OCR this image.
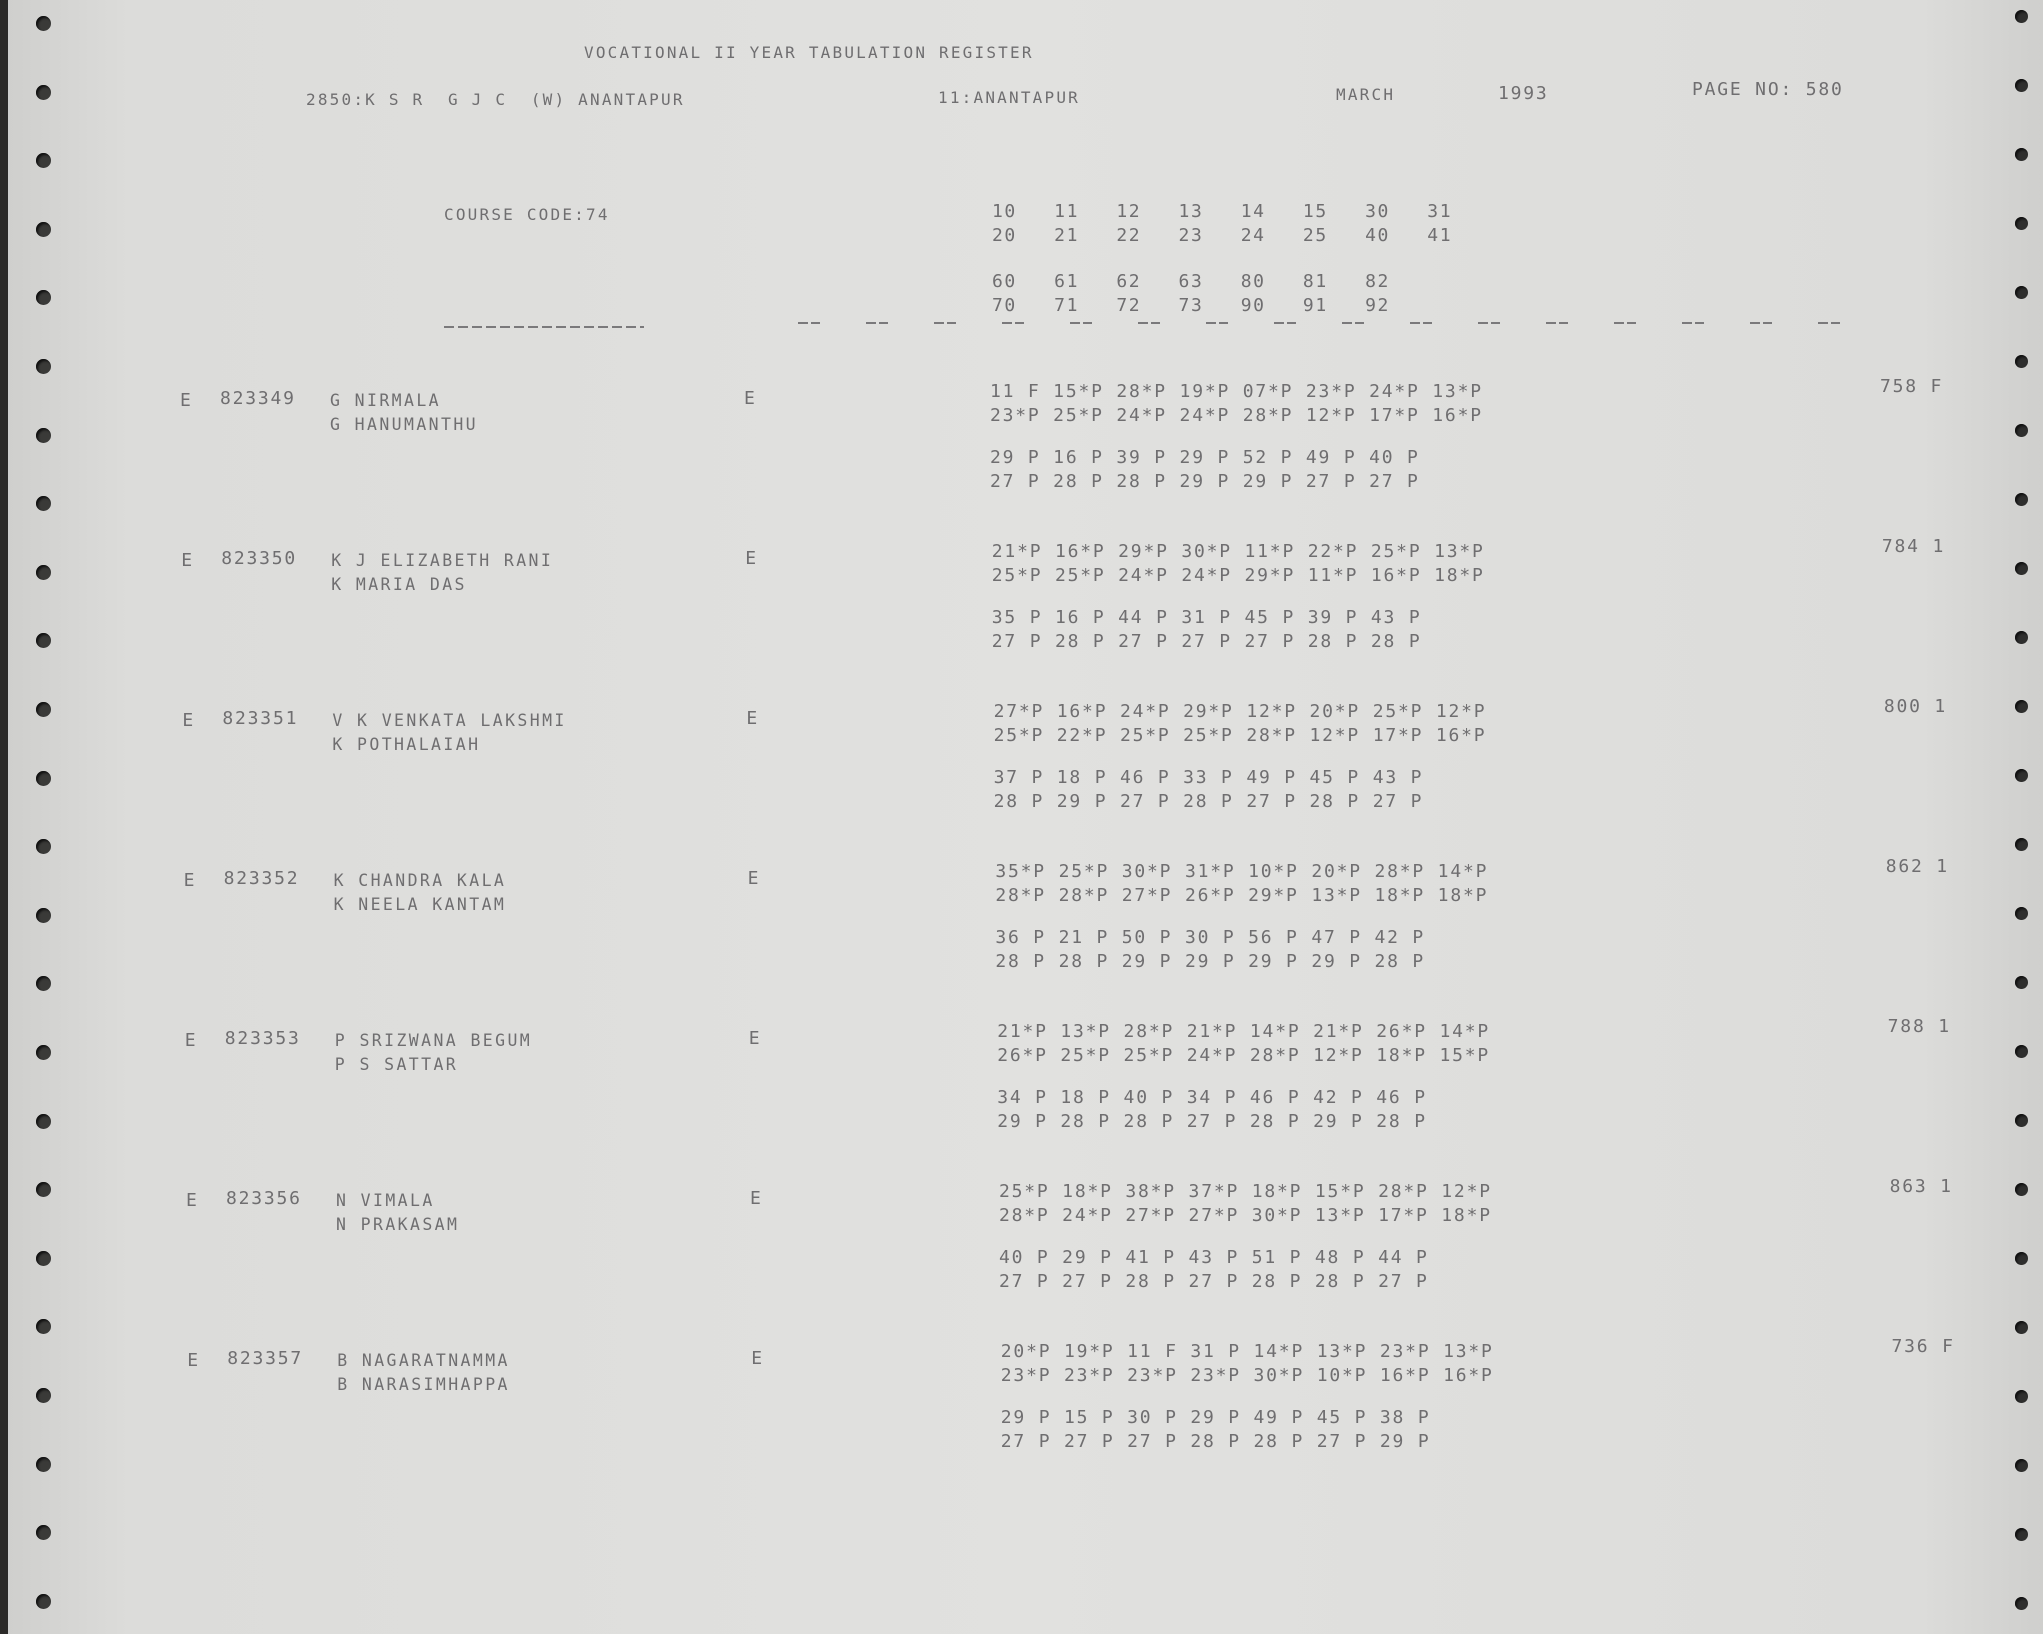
VOCATIONAL II YEAR TABULATION REGISTER
2850:K S R  G J C  (W) ANANTAPUR	11:ANANTAPUR	MARCH	1993	PAGE NO: 580
COURSE CODE:74	10   11   12   13   14   15   30   31
20   21   22   23   24   25   40   41
60   61   62   63   80   81   82
70   71   72   73   90   91   92
E 823349 G NIRMALA
G HANUMANTHU
E	11 F 15*P 28*P 19*P 07*P 23*P 24*P 13*P
23*P 25*P 24*P 24*P 28*P 12*P 17*P 16*P
29 P 16 P 39 P 29 P 52 P 49 P 40 P
27 P 28 P 28 P 29 P 29 P 27 P 27 P
758 F
E 823350 K J ELIZABETH RANI
K MARIA DAS
E	21*P 16*P 29*P 30*P 11*P 22*P 25*P 13*P
25*P 25*P 24*P 24*P 29*P 11*P 16*P 18*P
35 P 16 P 44 P 31 P 45 P 39 P 43 P
27 P 28 P 27 P 27 P 27 P 28 P 28 P
784 1
E 823351 V K VENKATA LAKSHMI
K POTHALAIAH
E	27*P 16*P 24*P 29*P 12*P 20*P 25*P 12*P
25*P 22*P 25*P 25*P 28*P 12*P 17*P 16*P
37 P 18 P 46 P 33 P 49 P 45 P 43 P
28 P 29 P 27 P 28 P 27 P 28 P 27 P
800 1
E 823352 K CHANDRA KALA
K NEELA KANTAM
E	35*P 25*P 30*P 31*P 10*P 20*P 28*P 14*P
28*P 28*P 27*P 26*P 29*P 13*P 18*P 18*P
36 P 21 P 50 P 30 P 56 P 47 P 42 P
28 P 28 P 29 P 29 P 29 P 29 P 28 P
862 1
E 823353 P SRIZWANA BEGUM
P S SATTAR
E	21*P 13*P 28*P 21*P 14*P 21*P 26*P 14*P
26*P 25*P 25*P 24*P 28*P 12*P 18*P 15*P
34 P 18 P 40 P 34 P 46 P 42 P 46 P
29 P 28 P 28 P 27 P 28 P 29 P 28 P
788 1
E 823356 N VIMALA
N PRAKASAM
E	25*P 18*P 38*P 37*P 18*P 15*P 28*P 12*P
28*P 24*P 27*P 27*P 30*P 13*P 17*P 18*P
40 P 29 P 41 P 43 P 51 P 48 P 44 P
27 P 27 P 28 P 27 P 28 P 28 P 27 P
863 1
E 823357 B NAGARATNAMMA
B NARASIMHAPPA
E	20*P 19*P 11 F 31 P 14*P 13*P 23*P 13*P
23*P 23*P 23*P 23*P 30*P 10*P 16*P 16*P
29 P 15 P 30 P 29 P 49 P 45 P 38 P
27 P 27 P 27 P 28 P 28 P 27 P 29 P
736 F
